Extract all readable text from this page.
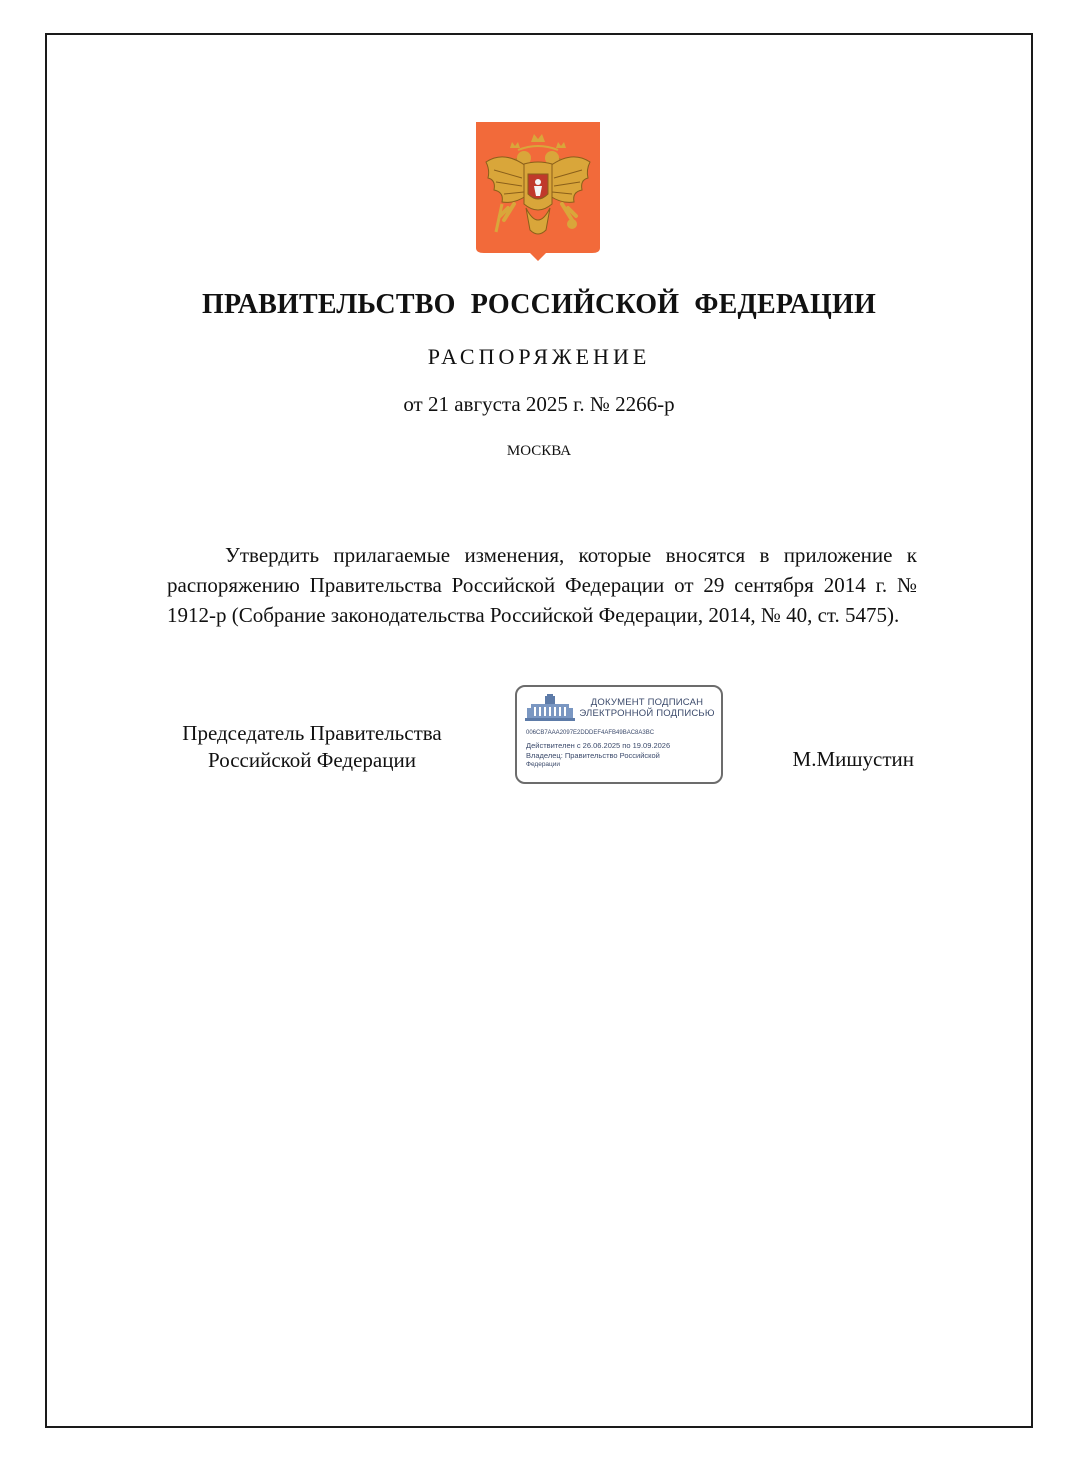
ПРАВИТЕЛЬСТВО РОССИЙСКОЙ ФЕДЕРАЦИИ
РАСПОРЯЖЕНИЕ
от 21 августа 2025 г. № 2266-р
МОСКВА

Утвердить прилагаемые изменения, которые вносятся в приложение к распоряжению Правительства Российской Федерации от 29 сентября 2014 г. № 1912-р (Собрание законодательства Российской Федерации, 2014, № 40, ст. 5475).

Председатель Правительства
Российской Федерации
ДОКУМЕНТ ПОДПИСАН
ЭЛЕКТРОННОЙ ПОДПИСЬЮ
006CB7AAA2097E2DDDEF4AFB49BAC8A3BC
Действителен с 26.06.2025 по 19.09.2026
Владелец: Правительство Российской
Федерации	М.Мишустин
